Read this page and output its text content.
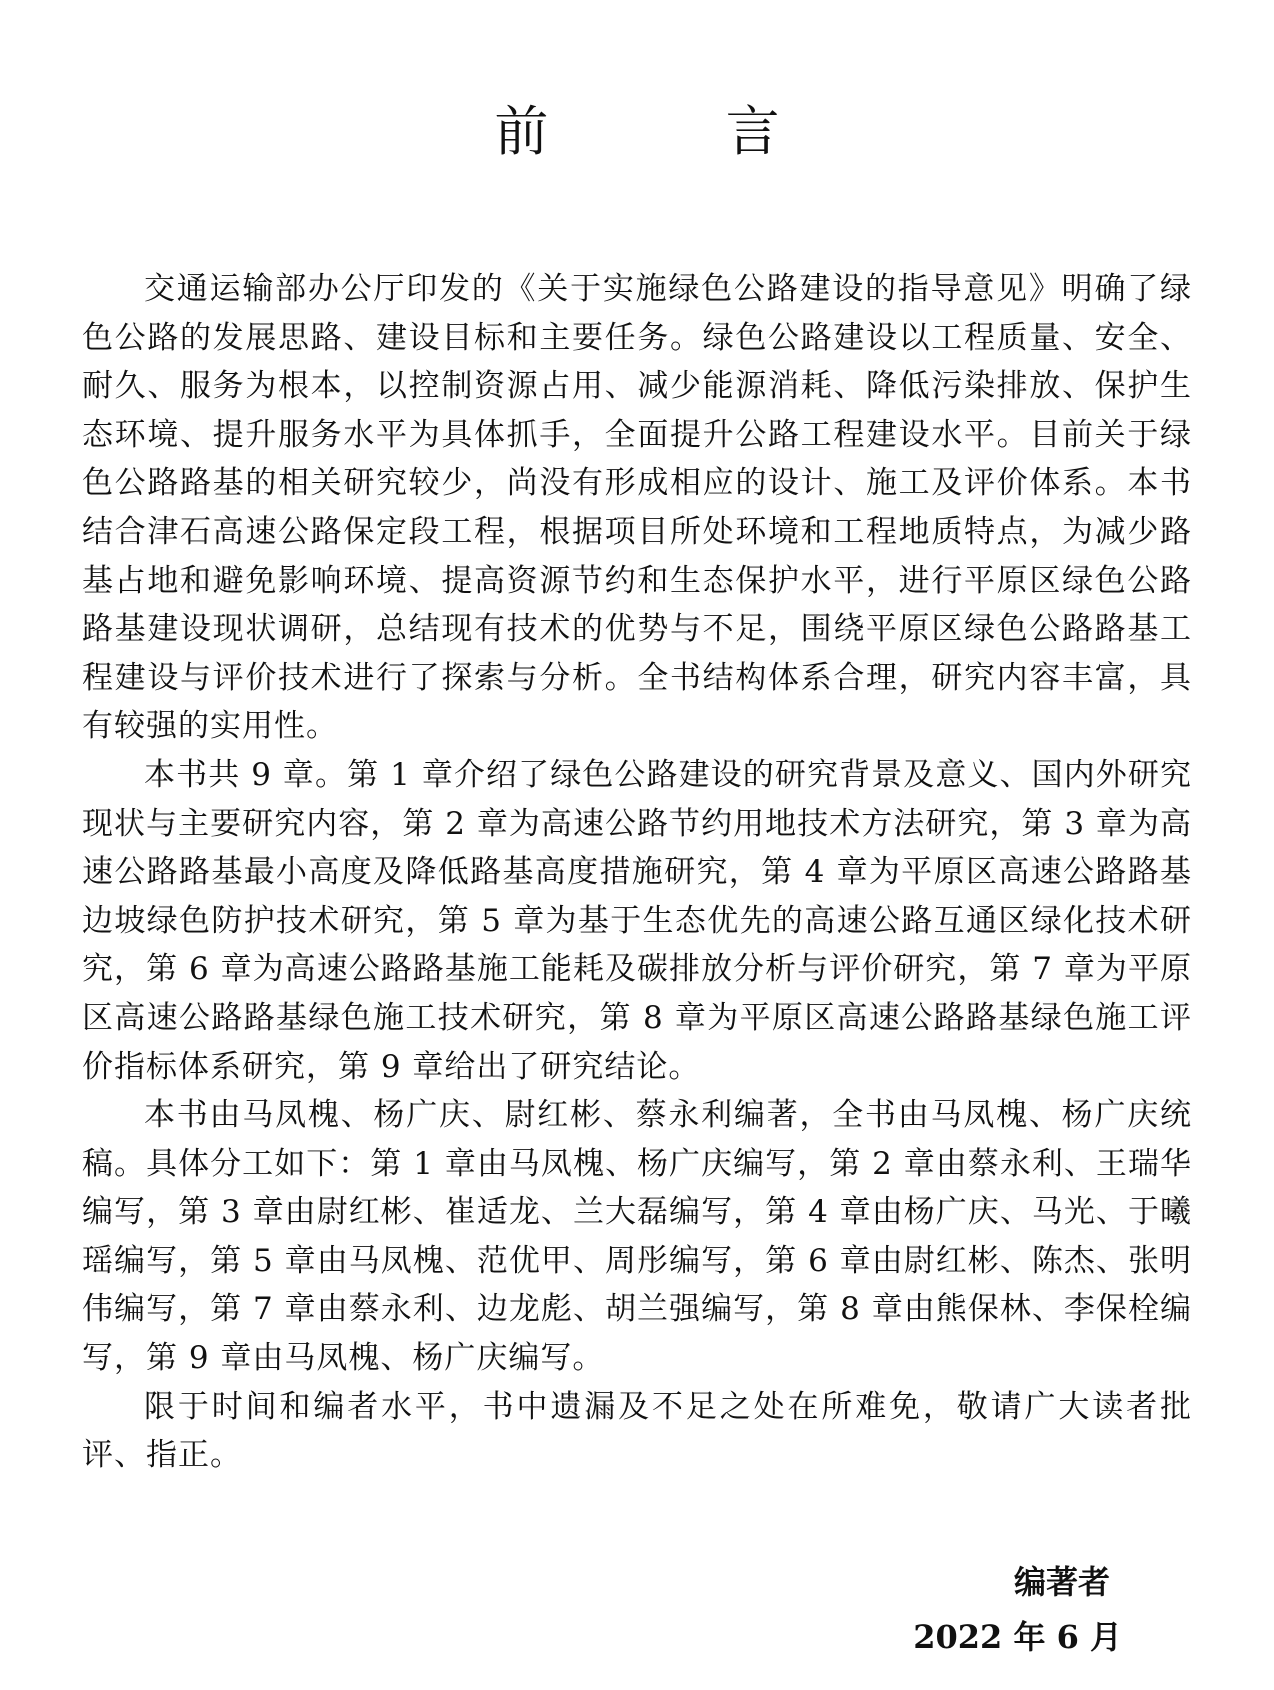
前 言

交通运输部办公厅印发的《关于实施绿色公路建设的指导意见》明确了绿色公路的发展思路、建设目标和主要任务。绿色公路建设以工程质量、安全、耐久、服务为根本，以控制资源占用、减少能源消耗、降低污染排放、保护生态环境、提升服务水平为具体抓手，全面提升公路工程建设水平。目前关于绿色公路路基的相关研究较少，尚没有形成相应的设计、施工及评价体系。本书结合津石高速公路保定段工程，根据项目所处环境和工程地质特点，为减少路基占地和避免影响环境、提高资源节约和生态保护水平，进行平原区绿色公路路基建设现状调研，总结现有技术的优势与不足，围绕平原区绿色公路路基工程建设与评价技术进行了探索与分析。全书结构体系合理，研究内容丰富，具有较强的实用性。

本书共 9 章。第 1 章介绍了绿色公路建设的研究背景及意义、国内外研究现状与主要研究内容，第 2 章为高速公路节约用地技术方法研究，第 3 章为高速公路路基最小高度及降低路基高度措施研究，第 4 章为平原区高速公路路基边坡绿色防护技术研究，第 5 章为基于生态优先的高速公路互通区绿化技术研究，第 6 章为高速公路路基施工能耗及碳排放分析与评价研究，第 7 章为平原区高速公路路基绿色施工技术研究，第 8 章为平原区高速公路路基绿色施工评价指标体系研究，第 9 章给出了研究结论。

本书由马凤槐、杨广庆、尉红彬、蔡永利编著，全书由马凤槐、杨广庆统稿。具体分工如下：第 1 章由马凤槐、杨广庆编写，第 2 章由蔡永利、王瑞华编写，第 3 章由尉红彬、崔适龙、兰大磊编写，第 4 章由杨广庆、马光、于曦瑶编写，第 5 章由马凤槐、范优甲、周彤编写，第 6 章由尉红彬、陈杰、张明伟编写，第 7 章由蔡永利、边龙彪、胡兰强编写，第 8 章由熊保林、李保栓编写，第 9 章由马凤槐、杨广庆编写。

限于时间和编者水平，书中遗漏及不足之处在所难免，敬请广大读者批评、指正。

编著者
2022 年 6 月
